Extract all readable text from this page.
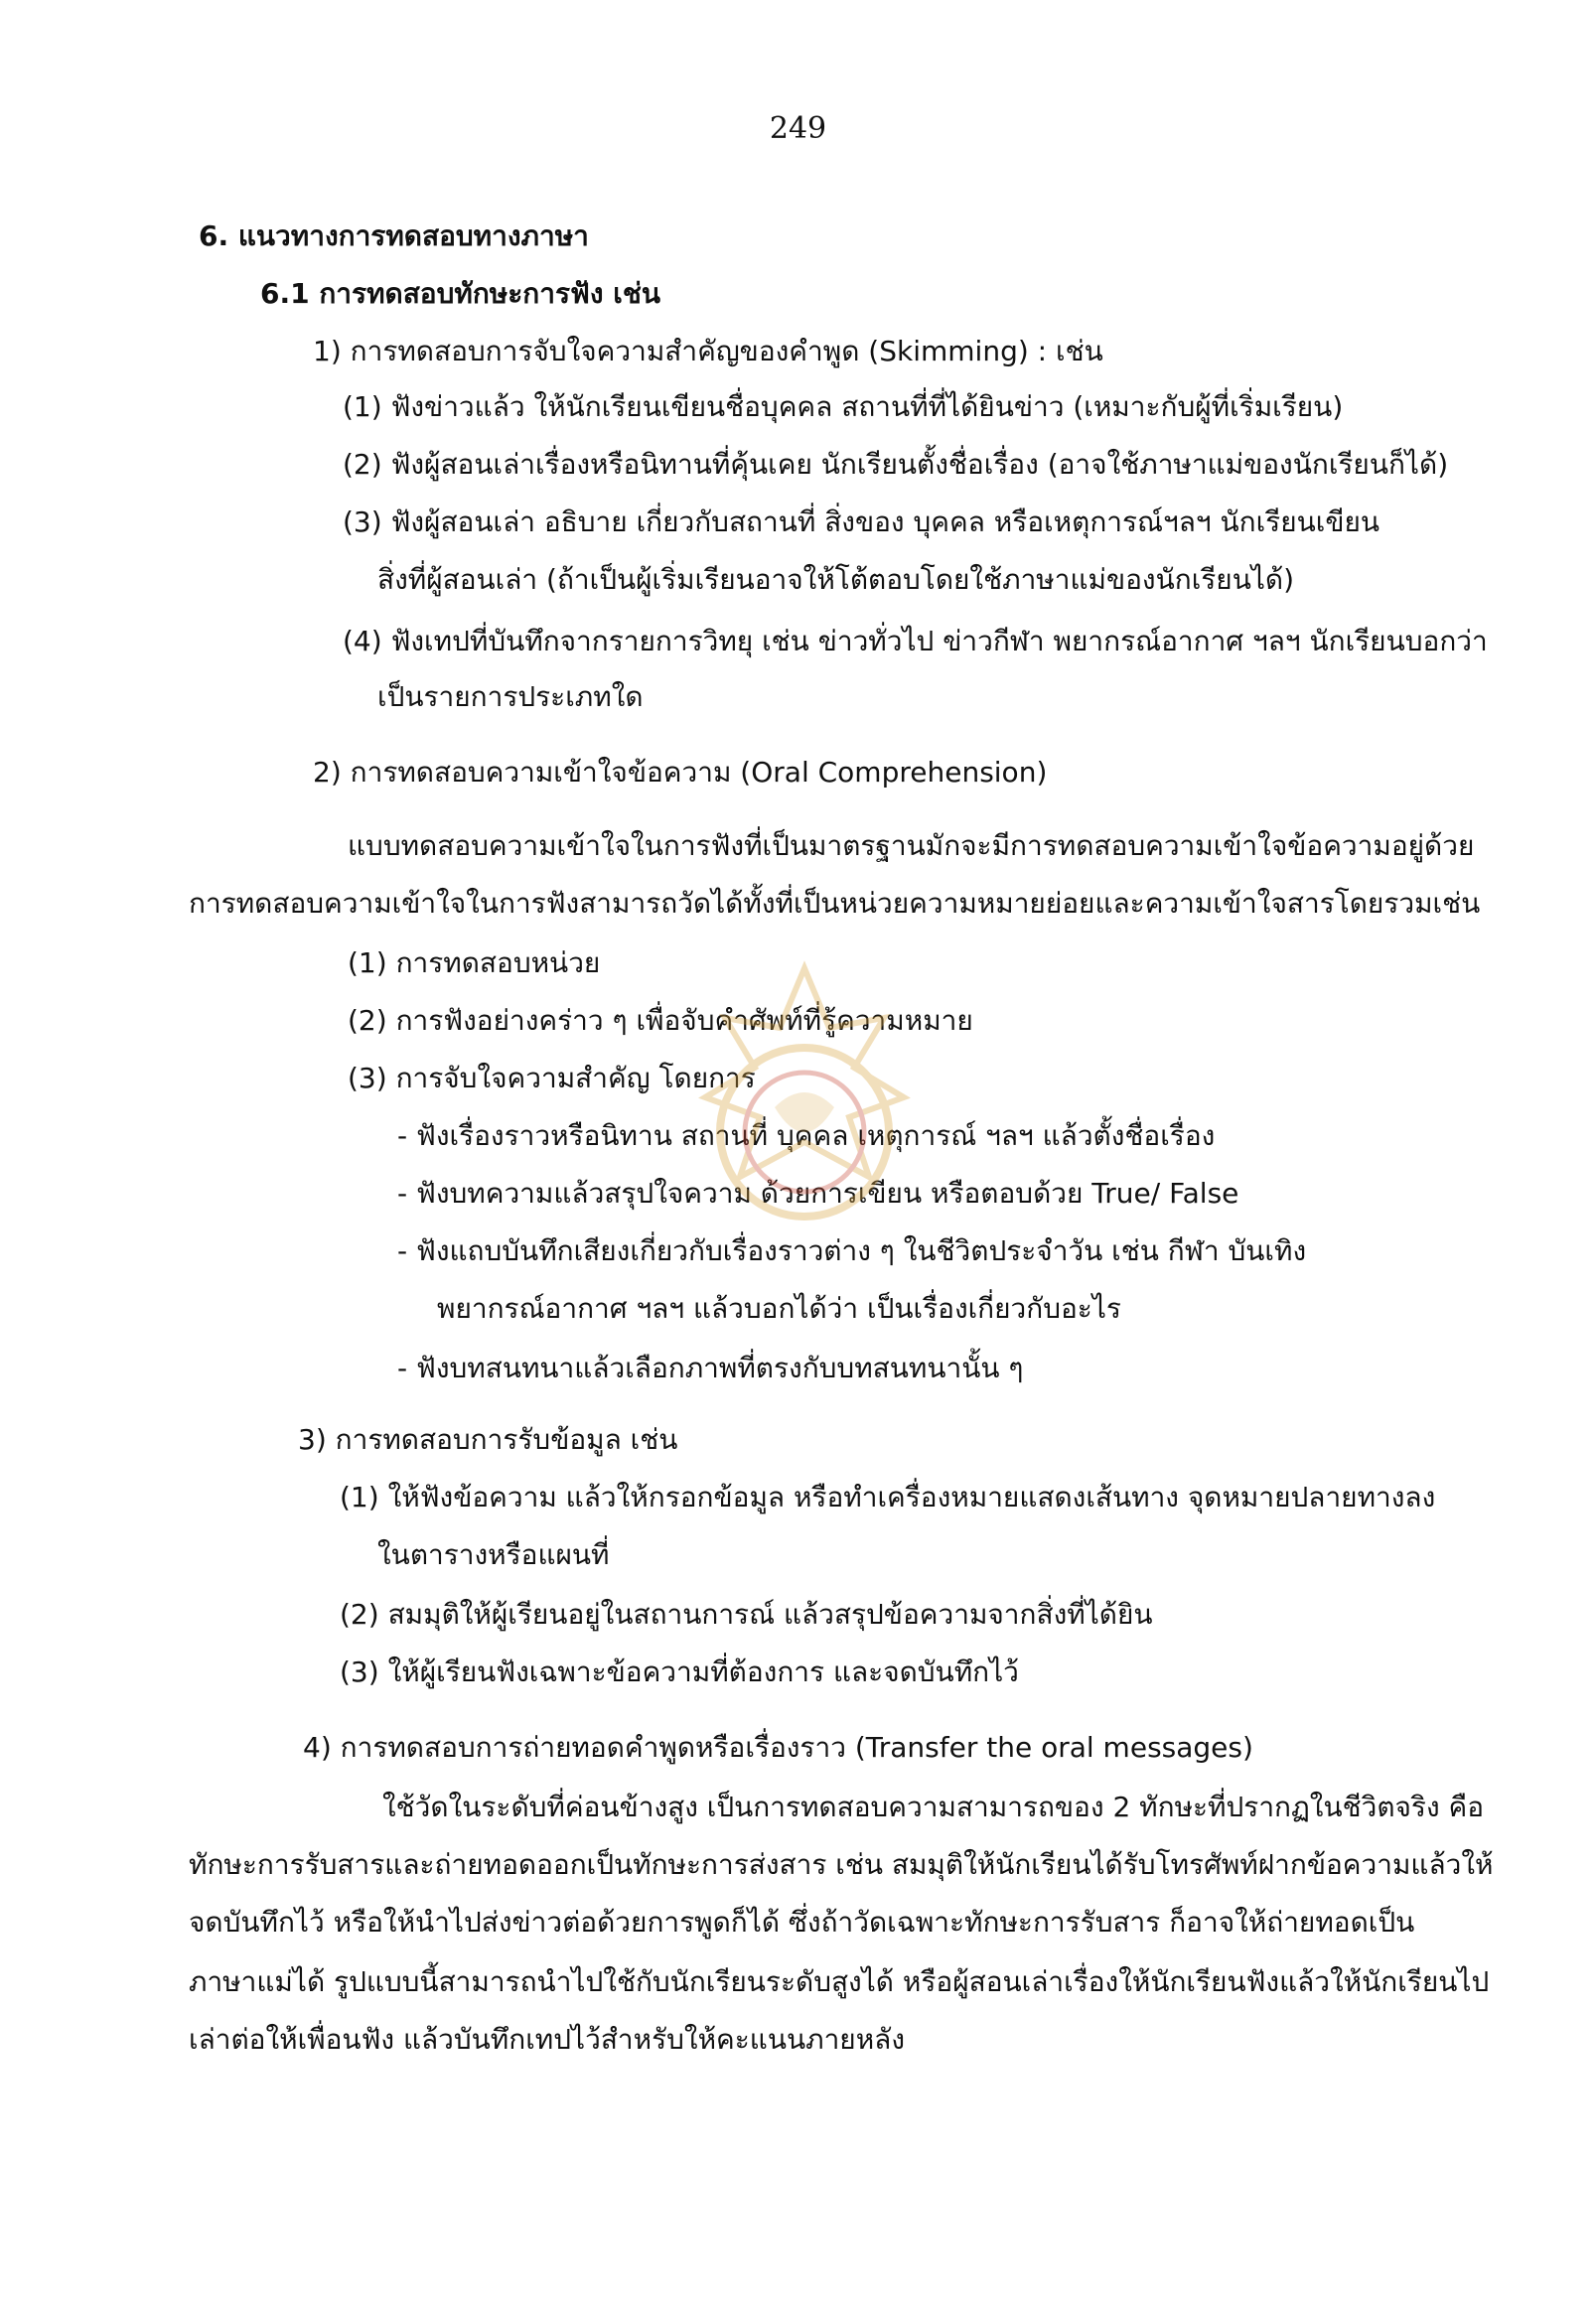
249
6. แนวทางการทดสอบทางภาษา
6.1 การทดสอบทักษะการฟัง เช่น
1) การทดสอบการจับใจความสำคัญของคำพูด (Skimming) : เช่น
(1) ฟังข่าวแล้ว ให้นักเรียนเขียนชื่อบุคคล สถานที่ที่ได้ยินข่าว (เหมาะกับผู้ที่เริ่มเรียน)
(2) ฟังผู้สอนเล่าเรื่องหรือนิทานที่คุ้นเคย นักเรียนตั้งชื่อเรื่อง (อาจใช้ภาษาแม่ของนักเรียนก็ได้)
(3) ฟังผู้สอนเล่า อธิบาย เกี่ยวกับสถานที่ สิ่งของ บุคคล หรือเหตุการณ์ฯลฯ นักเรียนเขียน
สิ่งที่ผู้สอนเล่า (ถ้าเป็นผู้เริ่มเรียนอาจให้โต้ตอบโดยใช้ภาษาแม่ของนักเรียนได้)
(4) ฟังเทปที่บันทึกจากรายการวิทยุ เช่น ข่าวทั่วไป ข่าวกีฬา พยากรณ์อากาศ ฯลฯ นักเรียนบอกว่า
เป็นรายการประเภทใด
2) การทดสอบความเข้าใจข้อความ (Oral Comprehension)
แบบทดสอบความเข้าใจในการฟังที่เป็นมาตรฐานมักจะมีการทดสอบความเข้าใจข้อความอยู่ด้วย
การทดสอบความเข้าใจในการฟังสามารถวัดได้ทั้งที่เป็นหน่วยความหมายย่อยและความเข้าใจสารโดยรวมเช่น
(1) การทดสอบหน่วย
(2) การฟังอย่างคร่าว ๆ เพื่อจับคำศัพท์ที่รู้ความหมาย
(3) การจับใจความสำคัญ โดยการ
- ฟังเรื่องราวหรือนิทาน สถานที่ บุคคล เหตุการณ์ ฯลฯ แล้วตั้งชื่อเรื่อง
- ฟังบทความแล้วสรุปใจความ ด้วยการเขียน หรือตอบด้วย True/ False
- ฟังแถบบันทึกเสียงเกี่ยวกับเรื่องราวต่าง ๆ ในชีวิตประจำวัน เช่น กีฬา บันเทิง
พยากรณ์อากาศ ฯลฯ แล้วบอกได้ว่า เป็นเรื่องเกี่ยวกับอะไร
- ฟังบทสนทนาแล้วเลือกภาพที่ตรงกับบทสนทนานั้น ๆ
3) การทดสอบการรับข้อมูล เช่น
(1) ให้ฟังข้อความ แล้วให้กรอกข้อมูล หรือทำเครื่องหมายแสดงเส้นทาง จุดหมายปลายทางลง
ในตารางหรือแผนที่
(2) สมมุติให้ผู้เรียนอยู่ในสถานการณ์ แล้วสรุปข้อความจากสิ่งที่ได้ยิน
(3) ให้ผู้เรียนฟังเฉพาะข้อความที่ต้องการ และจดบันทึกไว้
4) การทดสอบการถ่ายทอดคำพูดหรือเรื่องราว (Transfer the oral messages)
ใช้วัดในระดับที่ค่อนข้างสูง เป็นการทดสอบความสามารถของ 2 ทักษะที่ปรากฏในชีวิตจริง คือ
ทักษะการรับสารและถ่ายทอดออกเป็นทักษะการส่งสาร เช่น สมมุติให้นักเรียนได้รับโทรศัพท์ฝากข้อความแล้วให้
จดบันทึกไว้ หรือให้นำไปส่งข่าวต่อด้วยการพูดก็ได้ ซึ่งถ้าวัดเฉพาะทักษะการรับสาร ก็อาจให้ถ่ายทอดเป็น
ภาษาแม่ได้ รูปแบบนี้สามารถนำไปใช้กับนักเรียนระดับสูงได้ หรือผู้สอนเล่าเรื่องให้นักเรียนฟังแล้วให้นักเรียนไป
เล่าต่อให้เพื่อนฟัง แล้วบันทึกเทปไว้สำหรับให้คะแนนภายหลัง
